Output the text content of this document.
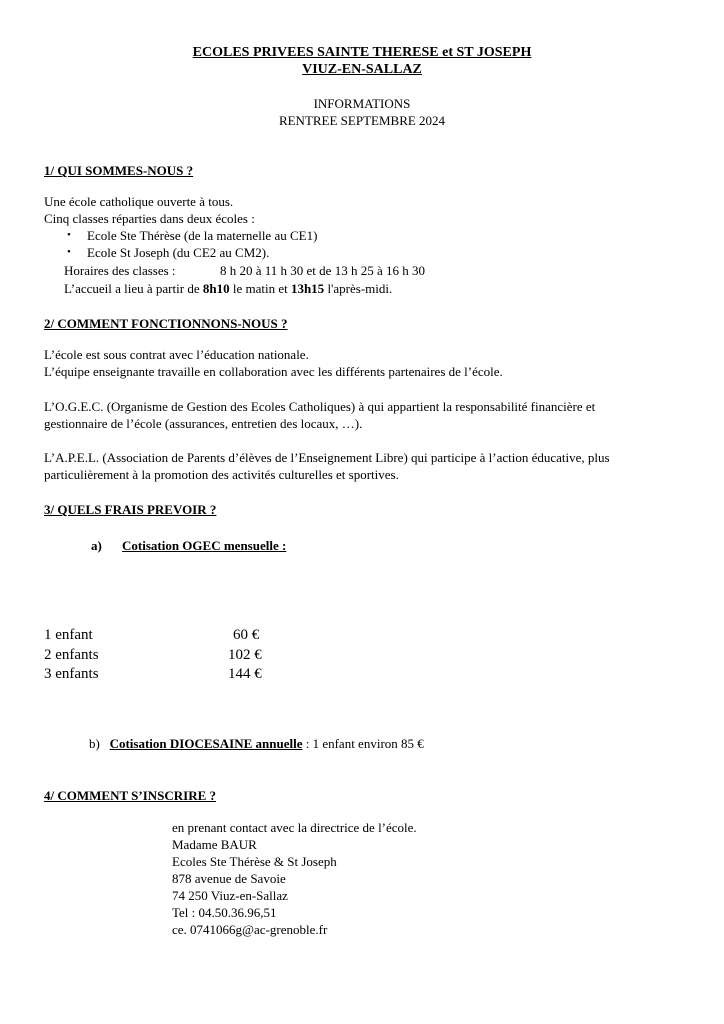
ECOLES PRIVEES SAINTE THERESE et ST JOSEPH
VIUZ-EN-SALLAZ
INFORMATIONS
RENTREE SEPTEMBRE 2024
1/ QUI SOMMES-NOUS ?
Une école catholique ouverte à tous.
Cinq classes réparties dans deux écoles :
• Ecole Ste Thérèse (de la maternelle au CE1)
• Ecole St Joseph (du CE2 au CM2).
Horaires des classes :	8 h 20 à 11 h 30 et de 13 h 25 à 16 h 30
L’accueil a lieu à partir de 8h10 le matin et 13h15 l'après-midi.
2/ COMMENT FONCTIONNONS-NOUS ?
L’école est sous contrat avec l’éducation nationale.
L’équipe enseignante travaille en collaboration avec les différents partenaires de l’école.
L’O.G.E.C. (Organisme de Gestion des Ecoles Catholiques) à qui appartient la responsabilité financière et
gestionnaire de l’école (assurances, entretien des locaux, …).
L’A.P.E.L. (Association de Parents d’élèves de l’Enseignement Libre) qui participe à l’action éducative, plus
particulièrement à la promotion des activités culturelles et sportives.
3/ QUELS FRAIS PREVOIR ?
a) Cotisation OGEC mensuelle :
1 enfant	60 €
2 enfants	102 €
3 enfants	144 €
b) Cotisation DIOCESAINE annuelle : 1 enfant environ 85 €
4/ COMMENT S’INSCRIRE ?
en prenant contact avec la directrice de l’école.
Madame BAUR
Ecoles Ste Thérèse & St Joseph
878 avenue de Savoie
74 250 Viuz-en-Sallaz
Tel : 04.50.36.96,51
ce. 0741066g@ac-grenoble.fr
